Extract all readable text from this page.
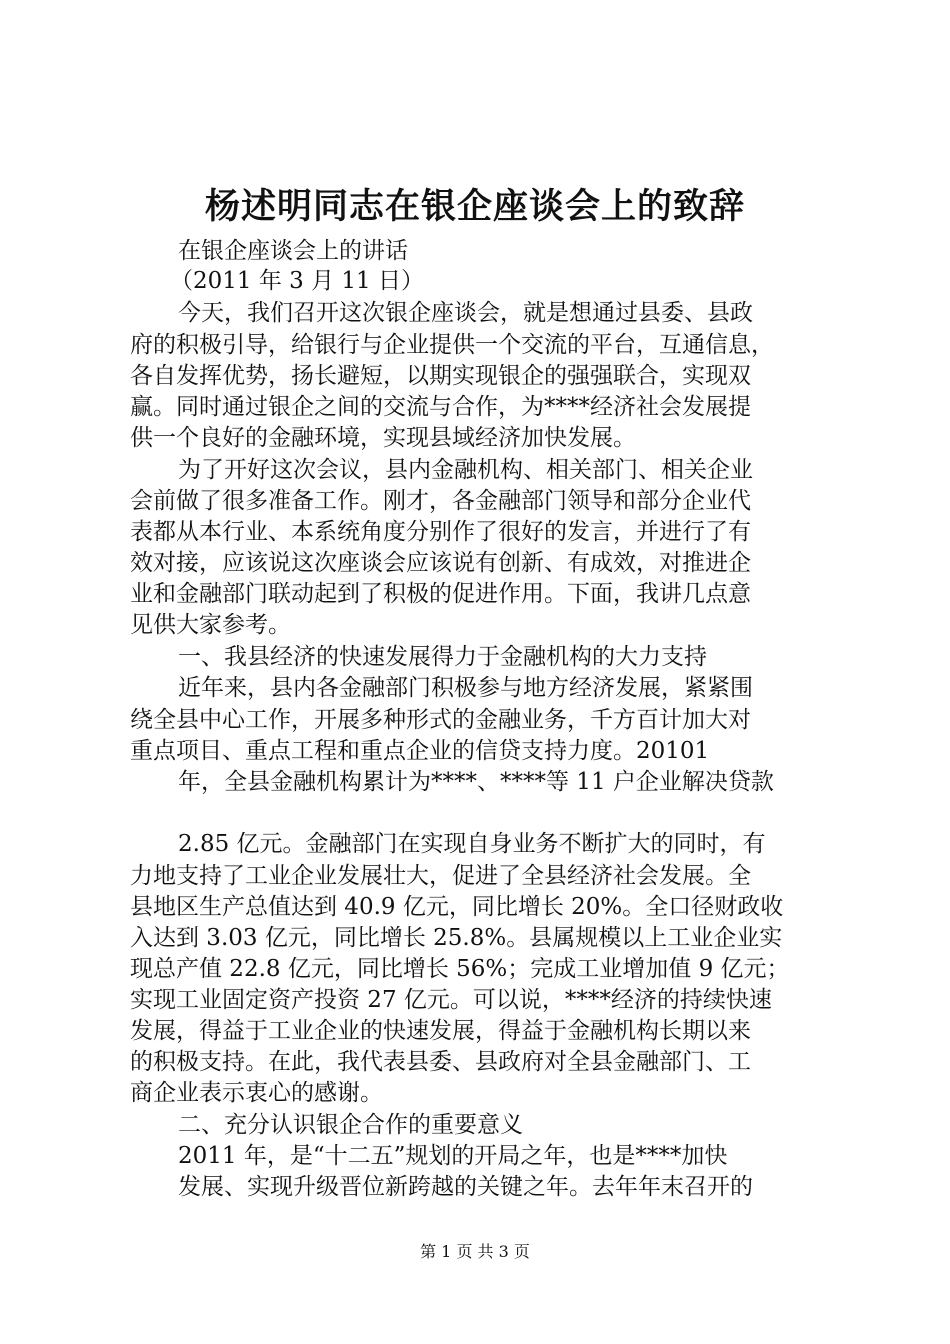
杨述明同志在银企座谈会上的致辞
在银企座谈会上的讲话
（2011 年 3 月 11 日）
今天，我们召开这次银企座谈会，就是想通过县委、县政
府的积极引导，给银行与企业提供一个交流的平台，互通信息，
各自发挥优势，扬长避短，以期实现银企的强强联合，实现双
赢。同时通过银企之间的交流与合作，为****经济社会发展提
供一个良好的金融环境，实现县域经济加快发展。
为了开好这次会议，县内金融机构、相关部门、相关企业
会前做了很多准备工作。刚才，各金融部门领导和部分企业代
表都从本行业、本系统角度分别作了很好的发言，并进行了有
效对接，应该说这次座谈会应该说有创新、有成效，对推进企
业和金融部门联动起到了积极的促进作用。下面，我讲几点意
见供大家参考。
一、我县经济的快速发展得力于金融机构的大力支持
近年来，县内各金融部门积极参与地方经济发展，紧紧围
绕全县中心工作，开展多种形式的金融业务，千方百计加大对
重点项目、重点工程和重点企业的信贷支持力度。20101
年，全县金融机构累计为****、****等 11 户企业解决贷款
2.85 亿元。金融部门在实现自身业务不断扩大的同时，有
力地支持了工业企业发展壮大，促进了全县经济社会发展。全
县地区生产总值达到 40.9 亿元，同比增长 20%。全口径财政收
入达到 3.03 亿元，同比增长 25.8%。县属规模以上工业企业实
现总产值 22.8 亿元，同比增长 56%；完成工业增加值 9 亿元；
实现工业固定资产投资 27 亿元。可以说，****经济的持续快速
发展，得益于工业企业的快速发展，得益于金融机构长期以来
的积极支持。在此，我代表县委、县政府对全县金融部门、工
商企业表示衷心的感谢。
二、充分认识银企合作的重要意义
2011 年，是“十二五”规划的开局之年，也是****加快
发展、实现升级晋位新跨越的关键之年。去年年末召开的
第 1 页 共 3 页
